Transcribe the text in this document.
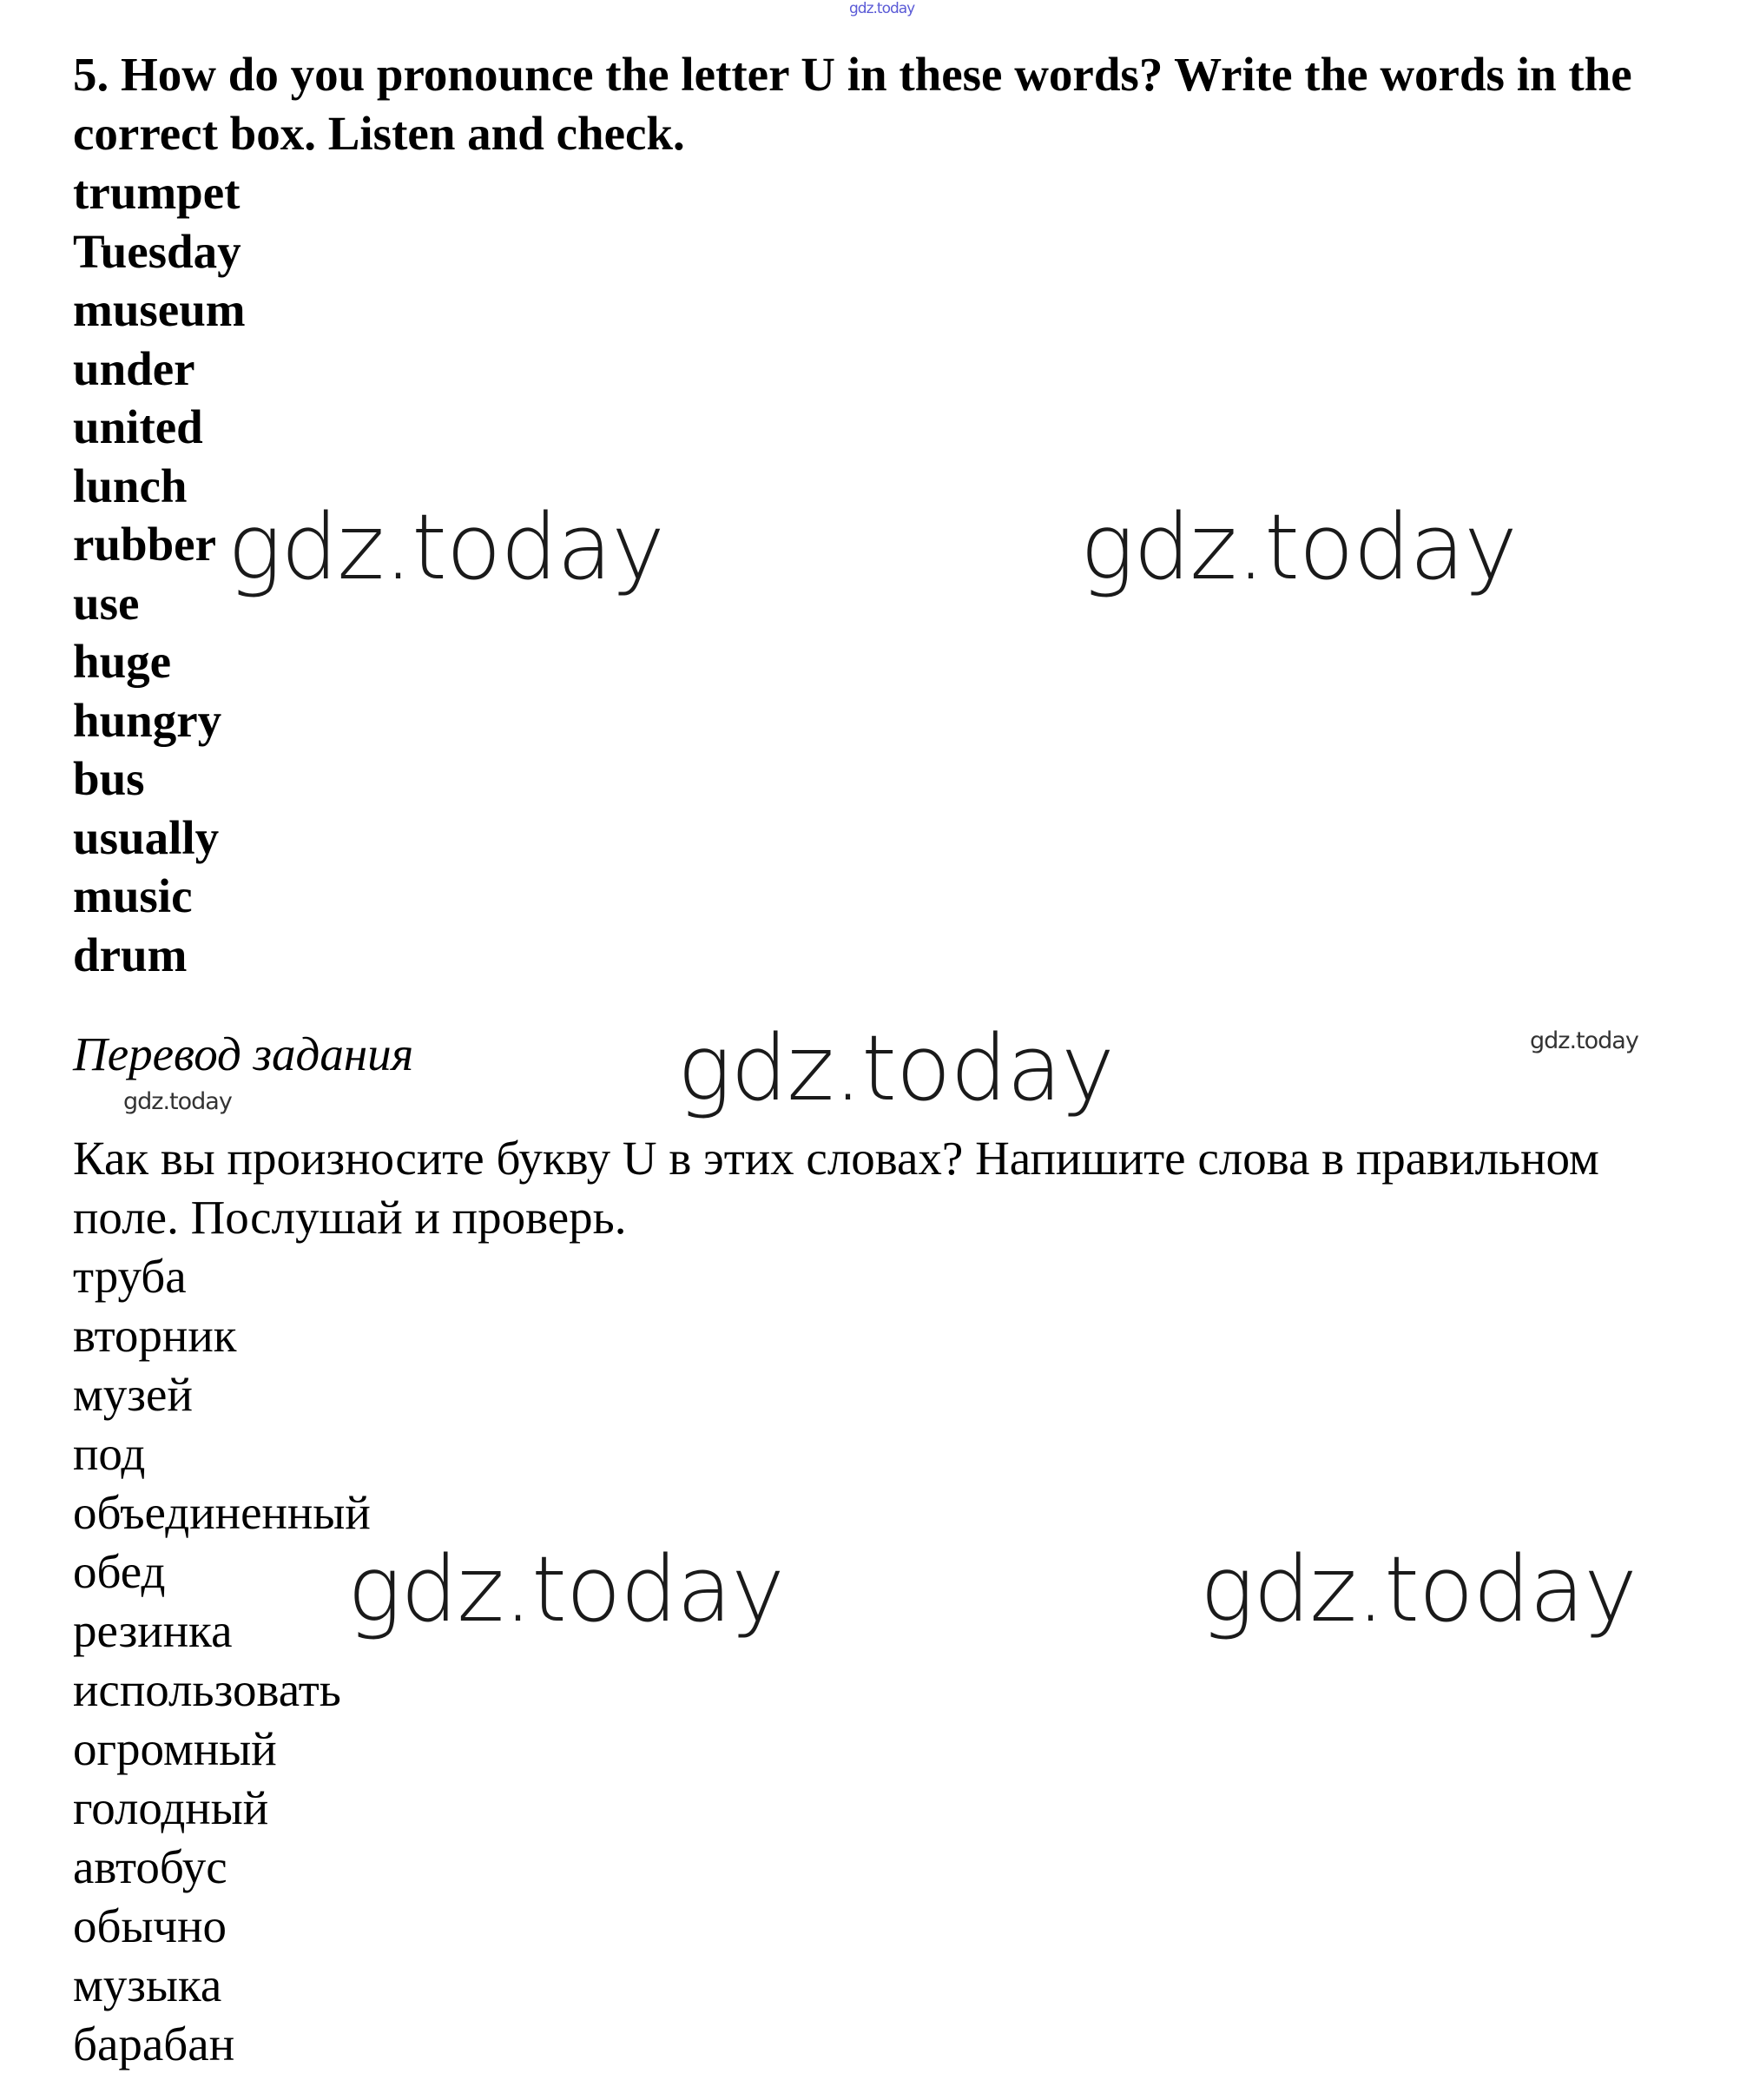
gdz.today

5. How do you pronounce the letter U in these words? Write the words in the

correct box. Listen and check.

trumpet
Tuesday
museum
under
united
lunch
rubber
use
huge
hungry
bus
usually
music
drum
gdz.today	gdz.today
Перевод задания	gdz.today	gdz.today
gdz.today

Как вы произносите букву U в этих словах? Напишите слова в правильном

поле. Послушай и проверь.

труба
вторник
музей
под
объединенный
обед
резинка
использовать
огромный
голодный
автобус
обычно
музыка
барабан
gdz.today	gdz.today
